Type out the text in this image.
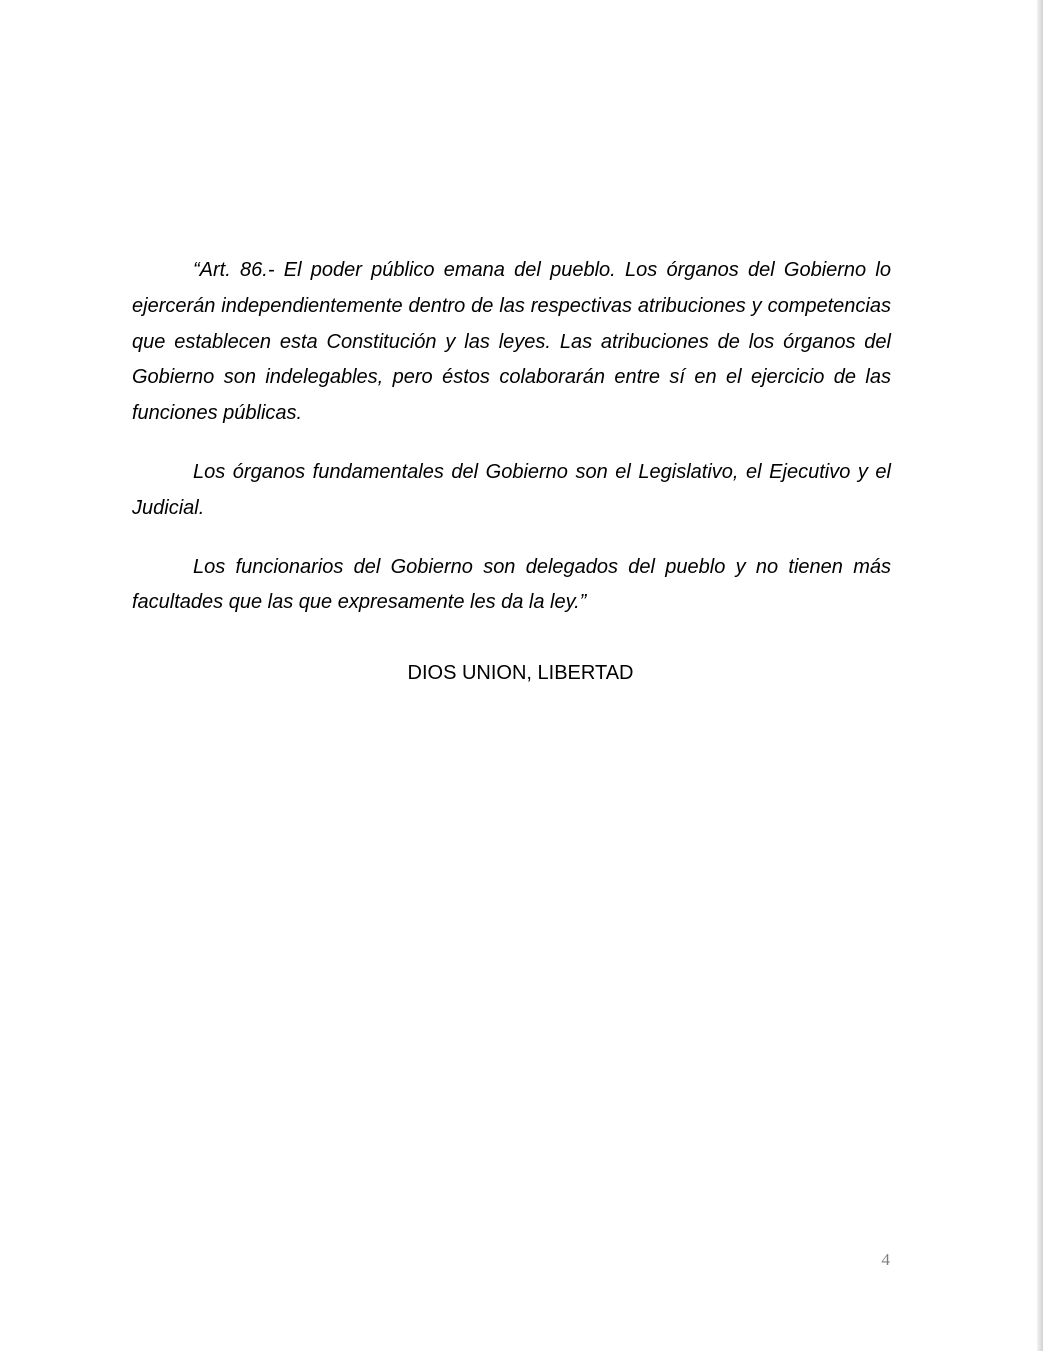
“Art. 86.- El poder público emana del pueblo. Los órganos del Gobierno lo ejercerán independientemente dentro de las respectivas atribuciones y competencias que establecen esta Constitución y las leyes. Las atribuciones de los órganos del Gobierno son indelegables, pero éstos colaborarán entre sí en el ejercicio de las funciones públicas.

Los órganos fundamentales del Gobierno son el Legislativo, el Ejecutivo y el Judicial.

Los funcionarios del Gobierno son delegados del pueblo y no tienen más facultades que las que expresamente les da la ley.”

DIOS UNION, LIBERTAD

4
